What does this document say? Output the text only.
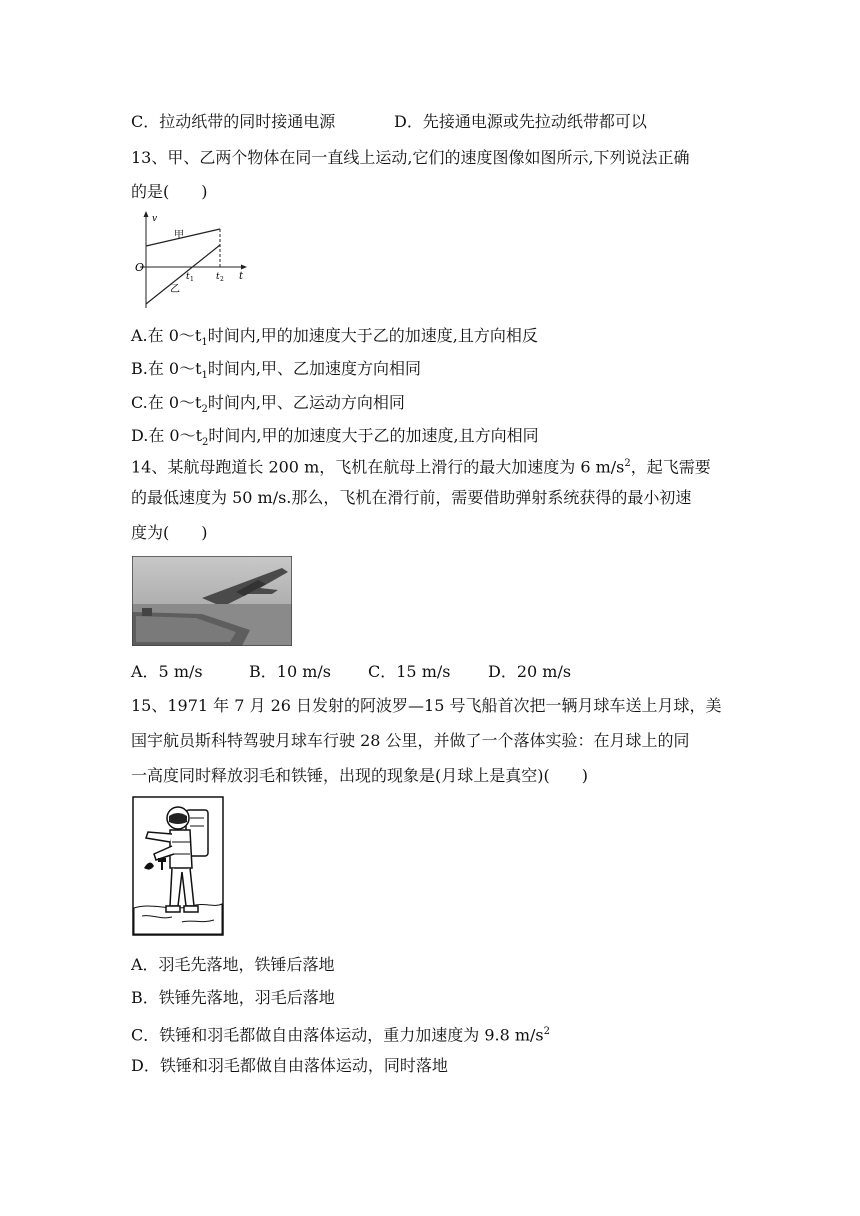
C．拉动纸带的同时接通电源	D．先接通电源或先拉动纸带都可以
13、甲、乙两个物体在同一直线上运动,它们的速度图像如图所示,下列说法正确
的是(　　)
v
t
O
甲
乙
t 1 t 2
A.在 $0\sim t_1$时间内,甲的加速度大于乙的加速度,且方向相反
B.在 $0\sim t_1$时间内,甲、乙加速度方向相同
C.在 $0\sim t_2$时间内,甲、乙运动方向相同
D.在 $0\sim t_2$时间内,甲的加速度大于乙的加速度,且方向相同
14、某航母跑道长 200 m，飞机在航母上滑行的最大加速度为 6 $m/s^2$，起飞需要
的最低速度为 50 m/s.那么，飞机在滑行前，需要借助弹射系统获得的最小初速
度为(　　)
A．5 m/s	B．10 m/s C．15 m/s D．20 m/s
15、1971 年 7 月 26 日发射的阿波罗—15 号飞船首次把一辆月球车送上月球，美
国宇航员斯科特驾驶月球车行驶 28 公里，并做了一个落体实验：在月球上的同
一高度同时释放羽毛和铁锤，出现的现象是(月球上是真空)(　　)
A．羽毛先落地，铁锤后落地
B．铁锤先落地，羽毛后落地
C．铁锤和羽毛都做自由落体运动，重力加速度为 9.8 $m/s^2$
D．铁锤和羽毛都做自由落体运动，同时落地
